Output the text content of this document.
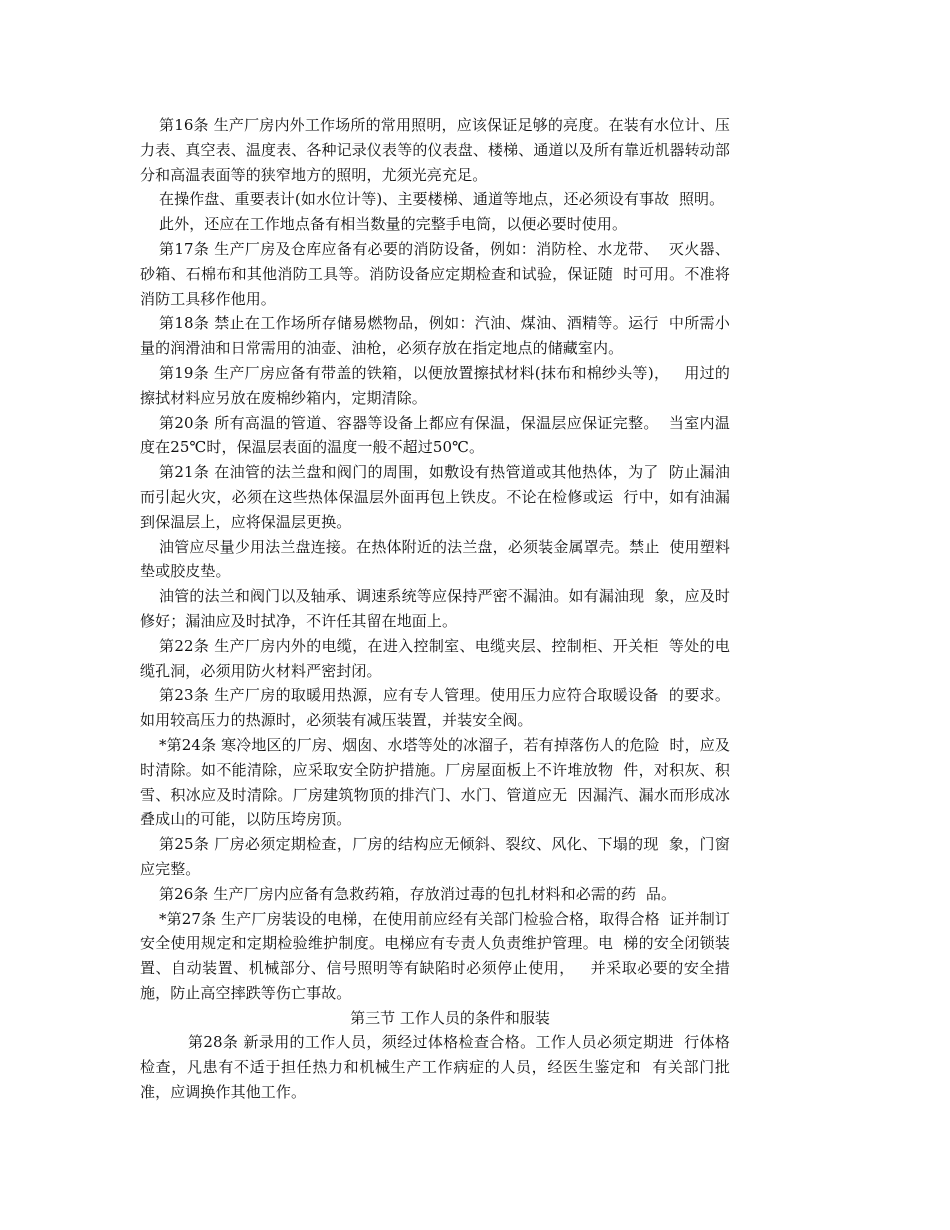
第16条 生产厂房内外工作场所的常用照明，应该保证足够的亮度。在装有水位计、压力表、真空表、温度表、各种记录仪表等的仪表盘、楼梯、通道以及所有靠近机器转动部分和高温表面等的狭窄地方的照明，尤须光亮充足。

在操作盘、重要表计(如水位计等)、主要楼梯、通道等地点，还必须设有事故  照明。

此外，还应在工作地点备有相当数量的完整手电筒，以便必要时使用。

第17条 生产厂房及仓库应备有必要的消防设备，例如：消防栓、水龙带、  灭火器、砂箱、石棉布和其他消防工具等。消防设备应定期检查和试验，保证随  时可用。不准将消防工具移作他用。

第18条 禁止在工作场所存储易燃物品，例如：汽油、煤油、酒精等。运行  中所需小量的润滑油和日常需用的油壶、油枪，必须存放在指定地点的储藏室内。

第19条 生产厂房应备有带盖的铁箱，以便放置擦拭材料(抹布和棉纱头等)，   用过的擦拭材料应另放在废棉纱箱内，定期清除。

第20条 所有高温的管道、容器等设备上都应有保温，保温层应保证完整。  当室内温度在25℃时，保温层表面的温度一般不超过50℃。

第21条 在油管的法兰盘和阀门的周围，如敷设有热管道或其他热体，为了  防止漏油而引起火灾，必须在这些热体保温层外面再包上铁皮。不论在检修或运  行中，如有油漏到保温层上，应将保温层更换。

油管应尽量少用法兰盘连接。在热体附近的法兰盘，必须装金属罩壳。禁止  使用塑料垫或胶皮垫。

油管的法兰和阀门以及轴承、调速系统等应保持严密不漏油。如有漏油现  象，应及时修好；漏油应及时拭净，不许任其留在地面上。

第22条 生产厂房内外的电缆，在进入控制室、电缆夹层、控制柜、开关柜  等处的电缆孔洞，必须用防火材料严密封闭。

第23条 生产厂房的取暖用热源，应有专人管理。使用压力应符合取暖设备  的要求。如用较高压力的热源时，必须装有减压装置，并装安全阀。

*第24条 寒冷地区的厂房、烟囱、水塔等处的冰溜子，若有掉落伤人的危险  时，应及时清除。如不能清除，应采取安全防护措施。厂房屋面板上不许堆放物  件，对积灰、积雪、积冰应及时清除。厂房建筑物顶的排汽门、水门、管道应无  因漏汽、漏水而形成冰叠成山的可能，以防压垮房顶。

第25条 厂房必须定期检查，厂房的结构应无倾斜、裂纹、风化、下塌的现  象，门窗应完整。

第26条 生产厂房内应备有急救药箱，存放消过毒的包扎材料和必需的药  品。

*第27条 生产厂房装设的电梯，在使用前应经有关部门检验合格，取得合格  证并制订安全使用规定和定期检验维护制度。电梯应有专责人负责维护管理。电  梯的安全闭锁装置、自动装置、机械部分、信号照明等有缺陷时必须停止使用，   并采取必要的安全措施，防止高空摔跌等伤亡事故。

第三节 工作人员的条件和服装

第28条 新录用的工作人员，须经过体格检查合格。工作人员必须定期进  行体格检查，凡患有不适于担任热力和机械生产工作病症的人员，经医生鉴定和  有关部门批准，应调换作其他工作。
